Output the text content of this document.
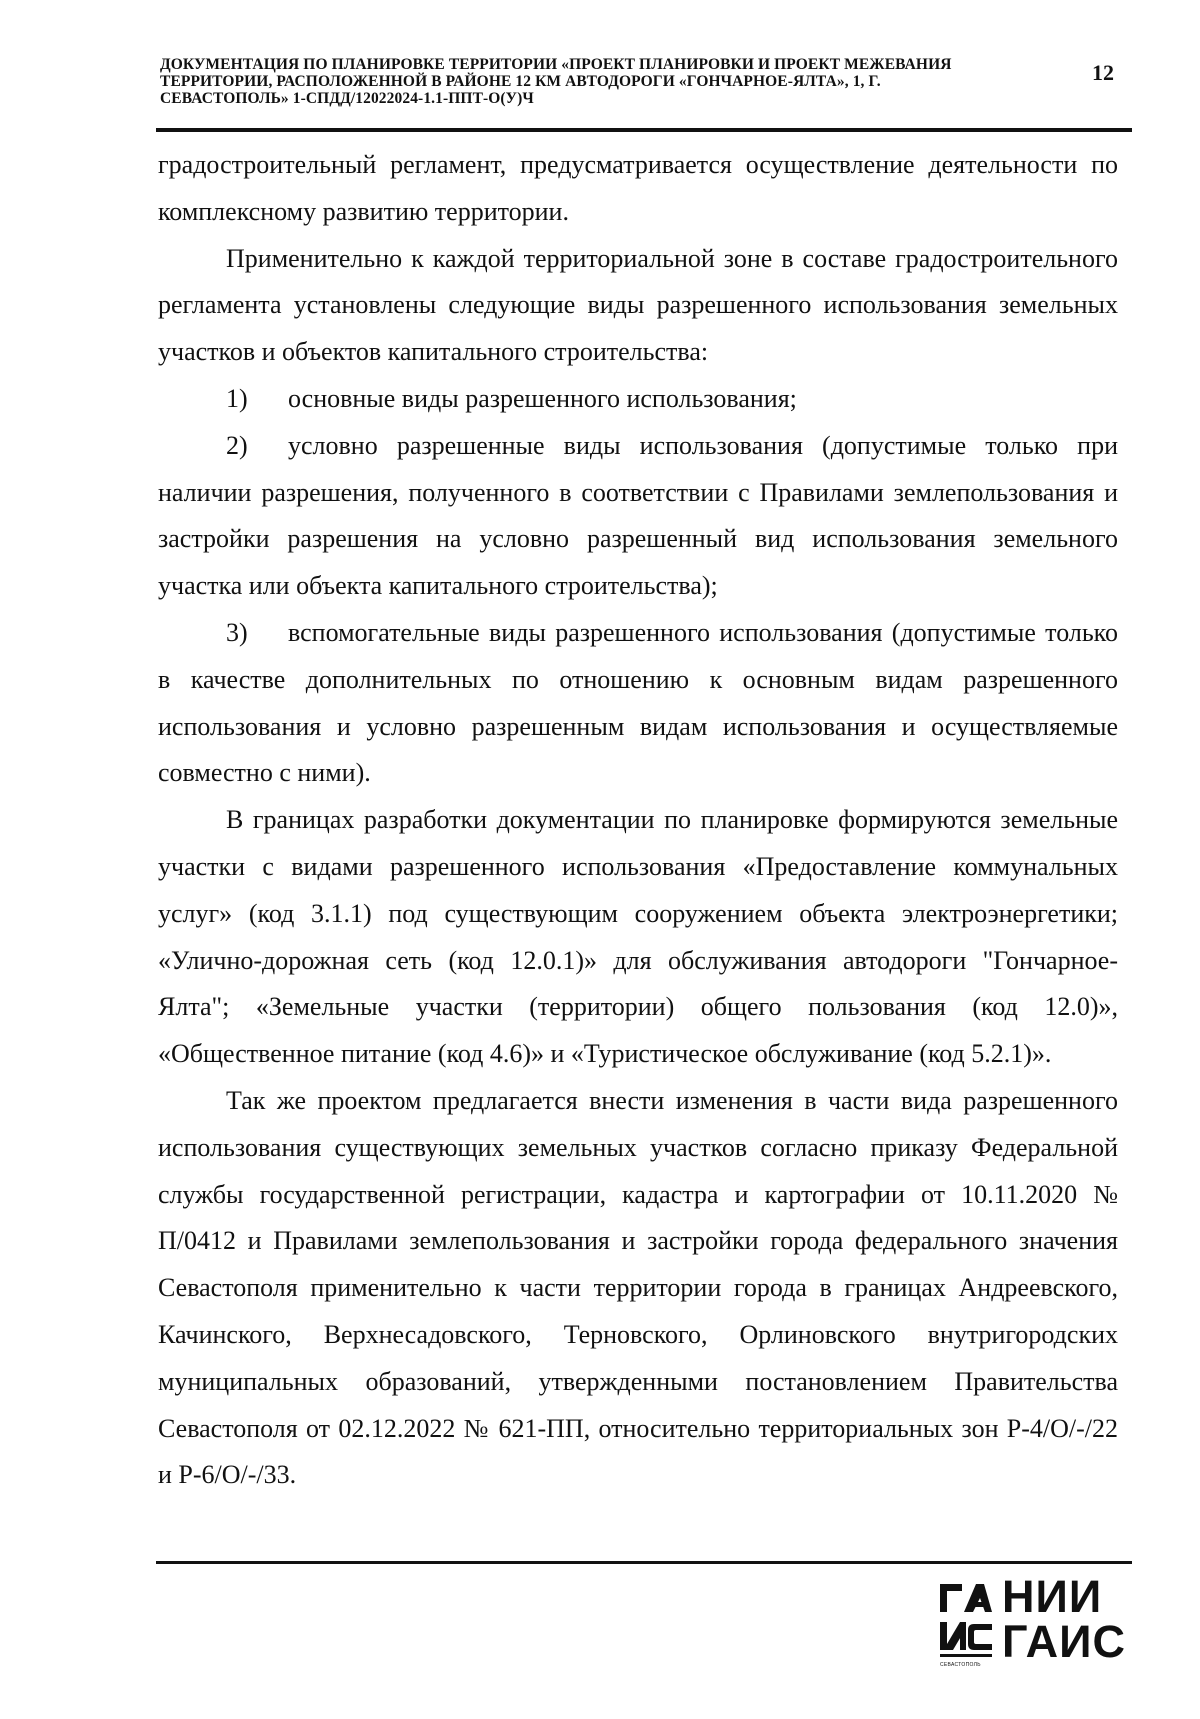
ДОКУМЕНТАЦИЯ ПО ПЛАНИРОВКЕ ТЕРРИТОРИИ «ПРОЕКТ ПЛАНИРОВКИ И ПРОЕКТ МЕЖЕВАНИЯ
ТЕРРИТОРИИ, РАСПОЛОЖЕННОЙ В РАЙОНЕ 12 КМ АВТОДОРОГИ «ГОНЧАРНОЕ-ЯЛТА», 1, Г.
СЕВАСТОПОЛЬ» 1-СПДД/12022024-1.1-ППТ-О(У)Ч
12

градостроительный регламент, предусматривается осуществление деятельности по комплексному развитию территории.

Применительно к каждой территориальной зоне в составе градостроительного регламента установлены следующие виды разрешенного использования земельных участков и объектов капитального строительства:

1) основные виды разрешенного использования;

2) условно разрешенные виды использования (допустимые только при наличии разрешения, полученного в соответствии с Правилами землепользования и застройки разрешения на условно разрешенный вид использования земельного участка или объекта капитального строительства);

3) вспомогательные виды разрешенного использования (допустимые только в качестве дополнительных по отношению к основным видам разрешенного использования и условно разрешенным видам использования и осуществляемые совместно с ними).

В границах разработки документации по планировке формируются земельные участки с видами разрешенного использования «Предоставление коммунальных услуг» (код 3.1.1) под существующим сооружением объекта электроэнергетики; «Улично-дорожная сеть (код 12.0.1)» для обслуживания автодороги "Гончарное-Ялта"; «Земельные участки (территории) общего пользования (код 12.0)», «Общественное питание (код 4.6)» и «Туристическое обслуживание (код 5.2.1)».

Так же проектом предлагается внести изменения в части вида разрешенного использования существующих земельных участков согласно приказу Федеральной службы государственной регистрации, кадастра и картографии от 10.11.2020 № П/0412 и Правилами землепользования и застройки города федерального значения Севастополя применительно к части территории города в границах Андреевского, Качинского, Верхнесадовского, Терновского, Орлиновского внутригородских муниципальных образований, утвержденными постановлением Правительства Севастополя от 02.12.2022 № 621-ПП, относительно территориальных зон Р-4/О/-/22 и Р-6/О/-/33.

НИИ
ГАИС
СЕВАСТОПОЛЬ
